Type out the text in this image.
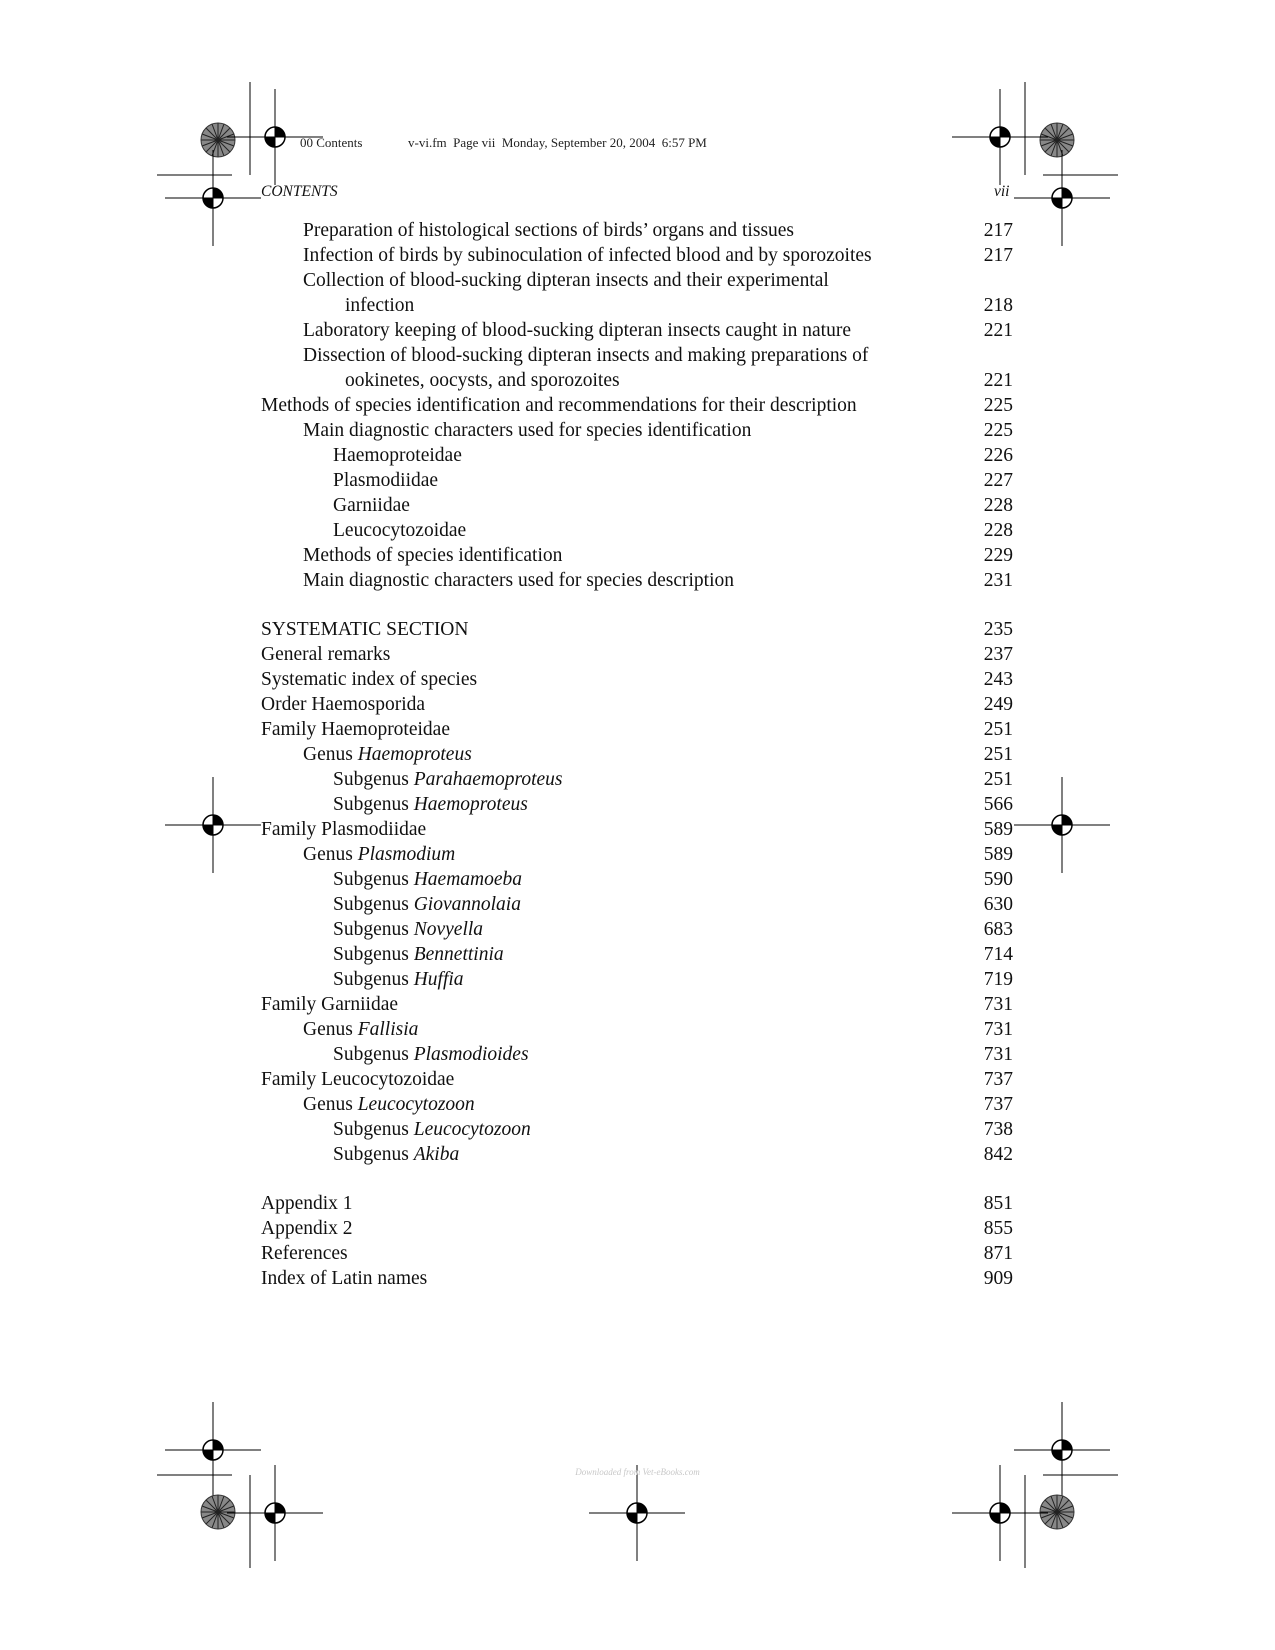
00 Contents	v-vi.fm  Page vii  Monday, September 20, 2004  6:57 PM
CONTENTS	vii
Preparation of histological sections of birds’ organs and tissues	217
Infection of birds by subinoculation of infected blood and by sporozoites	217
Collection of blood-sucking dipteran insects and their experimental
infection	218
Laboratory keeping of blood-sucking dipteran insects caught in nature	221
Dissection of blood-sucking dipteran insects and making preparations of
ookinetes, oocysts, and sporozoites	221
Methods of species identification and recommendations for their description	225
Main diagnostic characters used for species identification	225
Haemoproteidae	226
Plasmodiidae	227
Garniidae	228
Leucocytozoidae	228
Methods of species identification	229
Main diagnostic characters used for species description	231
SYSTEMATIC SECTION	235
General remarks	237
Systematic index of species	243
Order Haemosporida	249
Family Haemoproteidae	251
Genus Haemoproteus	251
Subgenus Parahaemoproteus	251
Subgenus Haemoproteus	566
Family Plasmodiidae	589
Genus Plasmodium	589
Subgenus Haemamoeba	590
Subgenus Giovannolaia	630
Subgenus Novyella	683
Subgenus Bennettinia	714
Subgenus Huffia	719
Family Garniidae	731
Genus Fallisia	731
Subgenus Plasmodioides	731
Family Leucocytozoidae	737
Genus Leucocytozoon	737
Subgenus Leucocytozoon	738
Subgenus Akiba	842
Appendix 1	851
Appendix 2	855
References	871
Index of Latin names	909
Downloaded from Vet-eBooks.com
